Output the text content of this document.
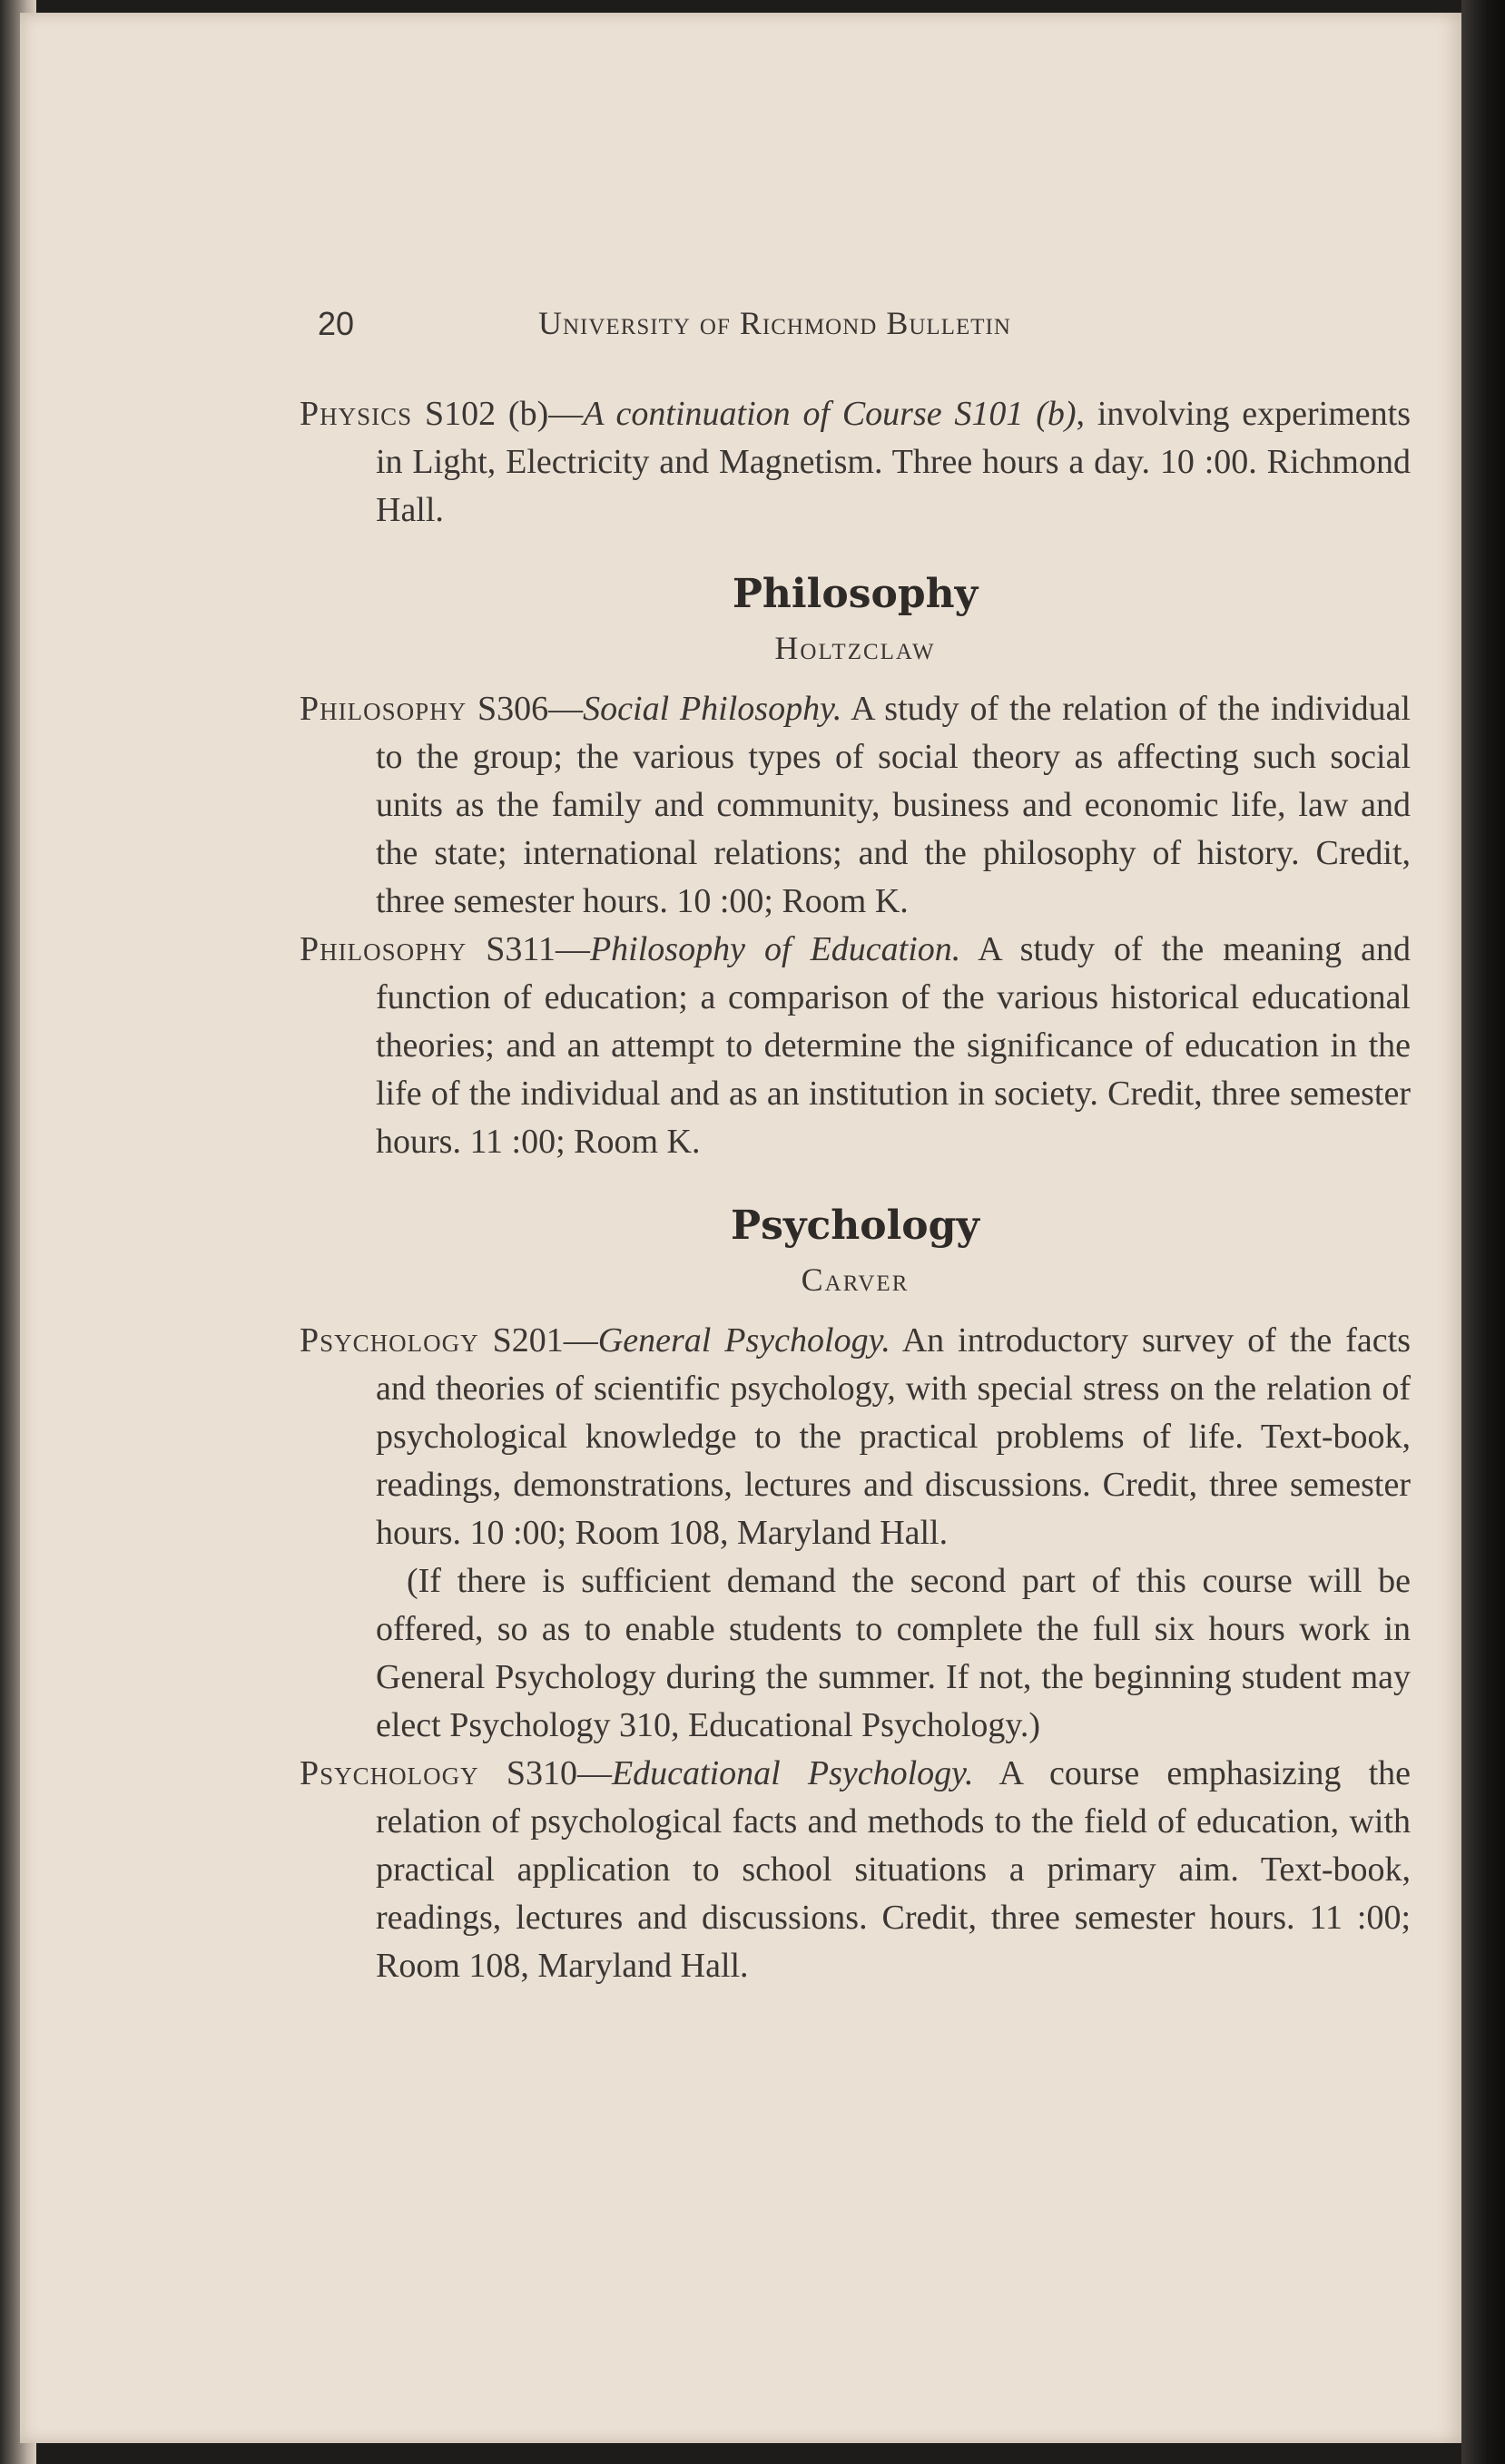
20	University of Richmond Bulletin

Physics S102 (b)—A continuation of Course S101 (b), involving experiments in Light, Electricity and Magnetism. Three hours a day. 10 :00. Richmond Hall.

Philosophy
Holtzclaw

Philosophy S306—Social Philosophy. A study of the relation of the individual to the group; the various types of social theory as affecting such social units as the family and community, business and economic life, law and the state; international relations; and the philosophy of history. Credit, three semester hours. 10 :00; Room K.

Philosophy S311—Philosophy of Education. A study of the meaning and function of education; a comparison of the various historical educational theories; and an attempt to determine the significance of education in the life of the individual and as an institution in society. Credit, three semester hours. 11 :00; Room K.

Psychology
Carver

Psychology S201—General Psychology. An introductory survey of the facts and theories of scientific psychology, with special stress on the relation of psychological knowledge to the practical problems of life. Text-book, readings, demonstrations, lectures and discussions. Credit, three semester hours. 10 :00; Room 108, Maryland Hall.

(If there is sufficient demand the second part of this course will be offered, so as to enable students to complete the full six hours work in General Psychology during the summer. If not, the beginning student may elect Psychology 310, Educational Psychology.)

Psychology S310—Educational Psychology. A course emphasizing the relation of psychological facts and methods to the field of education, with practical application to school situations a primary aim. Text-book, readings, lectures and discussions. Credit, three semester hours. 11 :00; Room 108, Maryland Hall.
